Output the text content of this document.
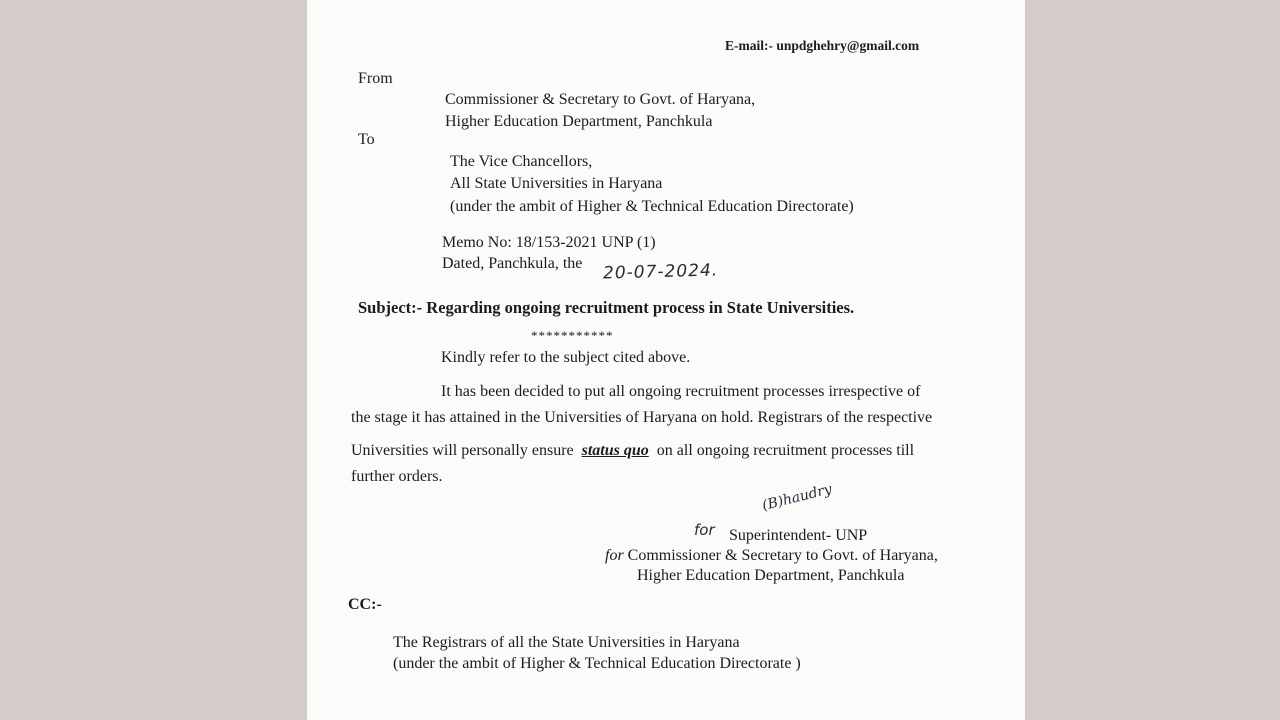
E-mail:- unpdghehry@gmail.com
From
Commissioner & Secretary to Govt. of Haryana,
Higher Education Department, Panchkula
To
The Vice Chancellors,
All State Universities in Haryana
(under the ambit of Higher & Technical Education Directorate)
Memo No: 18/153-2021 UNP (1)
Dated, Panchkula, the 20-07-2024.
Subject:- Regarding ongoing recruitment process in State Universities.
***********
Kindly refer to the subject cited above.
It has been decided to put all ongoing recruitment processes irrespective of
the stage it has attained in the Universities of Haryana on hold. Registrars of the respective
Universities will personally ensure status quo on all ongoing recruitment processes till
further orders.
(B)haudry
for Superintendent- UNP
for Commissioner & Secretary to Govt. of Haryana,
Higher Education Department, Panchkula
CC:-
The Registrars of all the State Universities in Haryana
(under the ambit of Higher & Technical Education Directorate )
